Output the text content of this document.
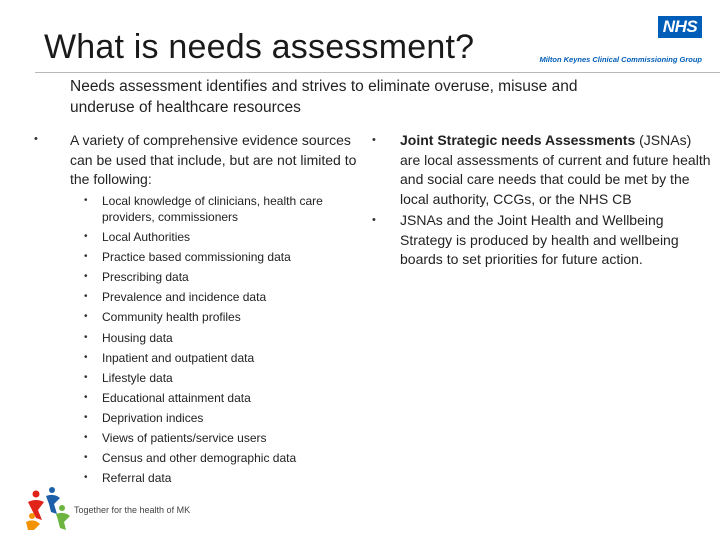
What is needs assessment?
NHS
Milton Keynes Clinical Commissioning Group
Needs assessment identifies and strives to eliminate overuse, misuse and underuse of healthcare resources
• A variety of comprehensive evidence sources can be used that include, but are not limited to the following:
• Local knowledge of clinicians, health care providers, commissioners
• Local Authorities
• Practice based commissioning data
• Prescribing data
• Prevalence and incidence data
• Community health profiles
• Housing data
• Inpatient and outpatient data
• Lifestyle data
• Educational attainment data
• Deprivation indices
• Views of patients/service users
• Census and other demographic data
• Referral data
• Joint Strategic needs Assessments (JSNAs) are local assessments of current and future health and social care needs that could be met by the local authority, CCGs, or the NHS CB
• JSNAs and the Joint Health and Wellbeing Strategy is produced by health and wellbeing boards to set priorities for future action.
Together for the health of MK
